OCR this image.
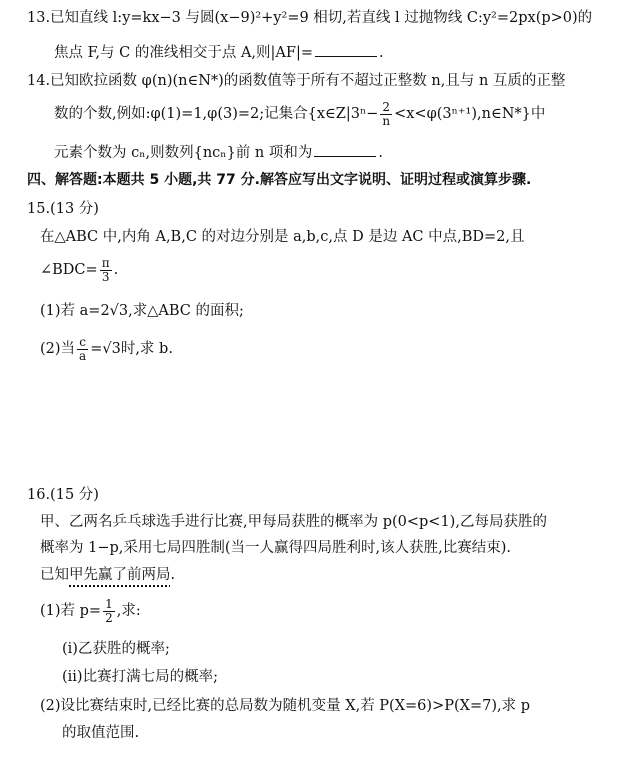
13.已知直线 l:y=kx−3 与圆(x−9)²+y²=9 相切,若直线 l 过抛物线 C:y²=2px(p>0)的
焦点 F,与 C 的准线相交于点 A,则|AF|=	.
14.已知欧拉函数 φ(n)(n∈N*)的函数值等于所有不超过正整数 n,且与 n 互质的正整
数的个数,例如:φ(1)=1,φ(3)=2;记集合{x∈Z|3ⁿ− $\frac{2}{n}$ <x<φ(3ⁿ⁺¹),n∈N*}中
元素个数为 cₙ,则数列{ncₙ}前 n 项和为	.
四、解答题:本题共 5 小题,共 77 分.解答应写出文字说明、证明过程或演算步骤.
15.(13 分)
在△ABC 中,内角 A,B,C 的对边分别是 a,b,c,点 D 是边 AC 中点,BD=2,且
∠BDC= $\frac{\pi}{3}$ .
(1)若 a=2√3,求△ABC 的面积;
(2)当 $\frac{c}{a} =√3$时,求 b.
16.(15 分)
甲、乙两名乒乓球选手进行比赛,甲每局获胜的概率为 p(0<p<1),乙每局获胜的
概率为 1−p,采用七局四胜制(当一人赢得四局胜利时,该人获胜,比赛结束).
已知甲先赢了前两局.
(1)若 $p= \frac{1}{2}$ ,求:
(i)乙获胜的概率;
(ii)比赛打满七局的概率;
(2)设比赛结束时,已经比赛的总局数为随机变量 X,若 P(X=6)>P(X=7),求 p
的取值范围.
